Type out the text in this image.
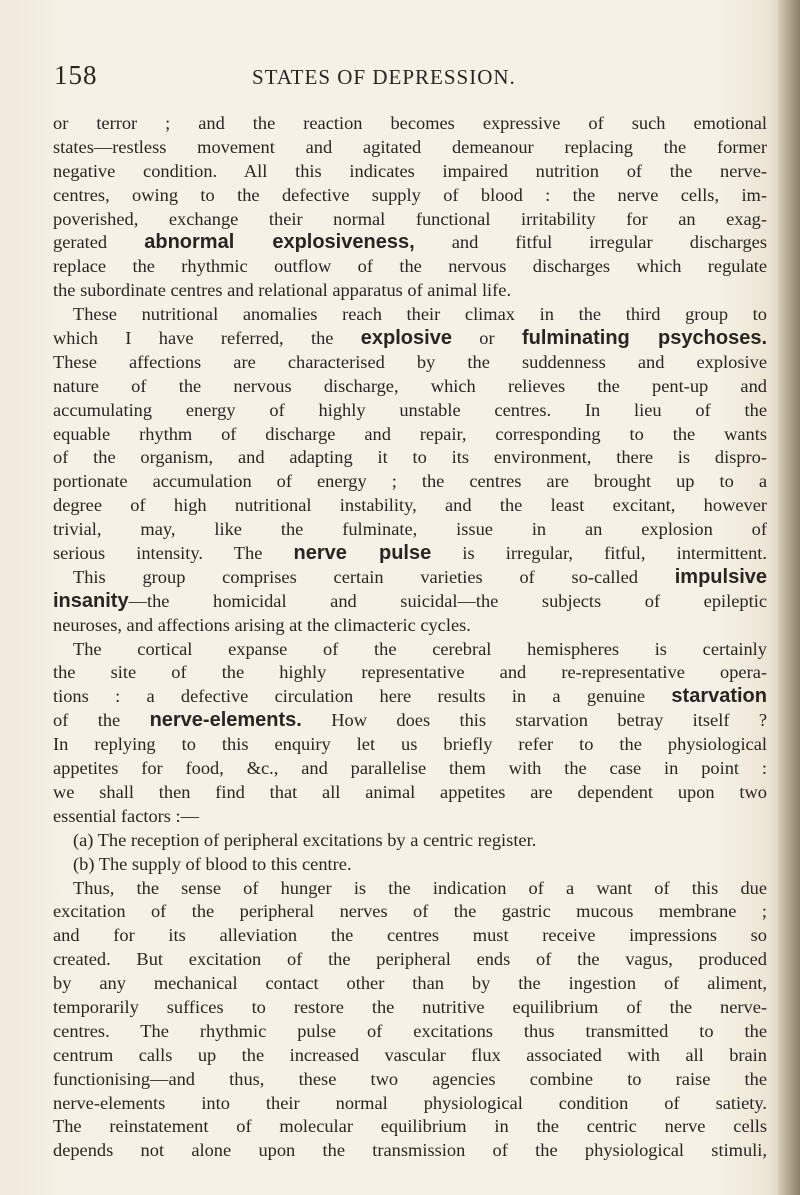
158	STATES OF DEPRESSION.
or terror ; and the reaction becomes expressive of such emotional
states—restless movement and agitated demeanour replacing the former
negative condition. All this indicates impaired nutrition of the nerve-
centres, owing to the defective supply of blood : the nerve cells, im-
poverished, exchange their normal functional irritability for an exag-
gerated abnormal explosiveness, and fitful irregular discharges
replace the rhythmic outflow of the nervous discharges which regulate
the subordinate centres and relational apparatus of animal life.
These nutritional anomalies reach their climax in the third group to
which I have referred, the explosive or fulminating psychoses.
These affections are characterised by the suddenness and explosive
nature of the nervous discharge, which relieves the pent-up and
accumulating energy of highly unstable centres. In lieu of the
equable rhythm of discharge and repair, corresponding to the wants
of the organism, and adapting it to its environment, there is dispro-
portionate accumulation of energy ; the centres are brought up to a
degree of high nutritional instability, and the least excitant, however
trivial, may, like the fulminate, issue in an explosion of
serious intensity. The nerve pulse is irregular, fitful, intermittent.
This group comprises certain varieties of so-called impulsive
insanity—the homicidal and suicidal—the subjects of epileptic
neuroses, and affections arising at the climacteric cycles.
The cortical expanse of the cerebral hemispheres is certainly
the site of the highly representative and re-representative opera-
tions : a defective circulation here results in a genuine starvation
of the nerve-elements. How does this starvation betray itself ?
In replying to this enquiry let us briefly refer to the physiological
appetites for food, &c., and parallelise them with the case in point :
we shall then find that all animal appetites are dependent upon two
essential factors :—
(a) The reception of peripheral excitations by a centric register.
(b) The supply of blood to this centre.
Thus, the sense of hunger is the indication of a want of this due
excitation of the peripheral nerves of the gastric mucous membrane ;
and for its alleviation the centres must receive impressions so
created. But excitation of the peripheral ends of the vagus, produced
by any mechanical contact other than by the ingestion of aliment,
temporarily suffices to restore the nutritive equilibrium of the nerve-
centres. The rhythmic pulse of excitations thus transmitted to the
centrum calls up the increased vascular flux associated with all brain
functionising—and thus, these two agencies combine to raise the
nerve-elements into their normal physiological condition of satiety.
The reinstatement of molecular equilibrium in the centric nerve cells
depends not alone upon the transmission of the physiological stimuli,
